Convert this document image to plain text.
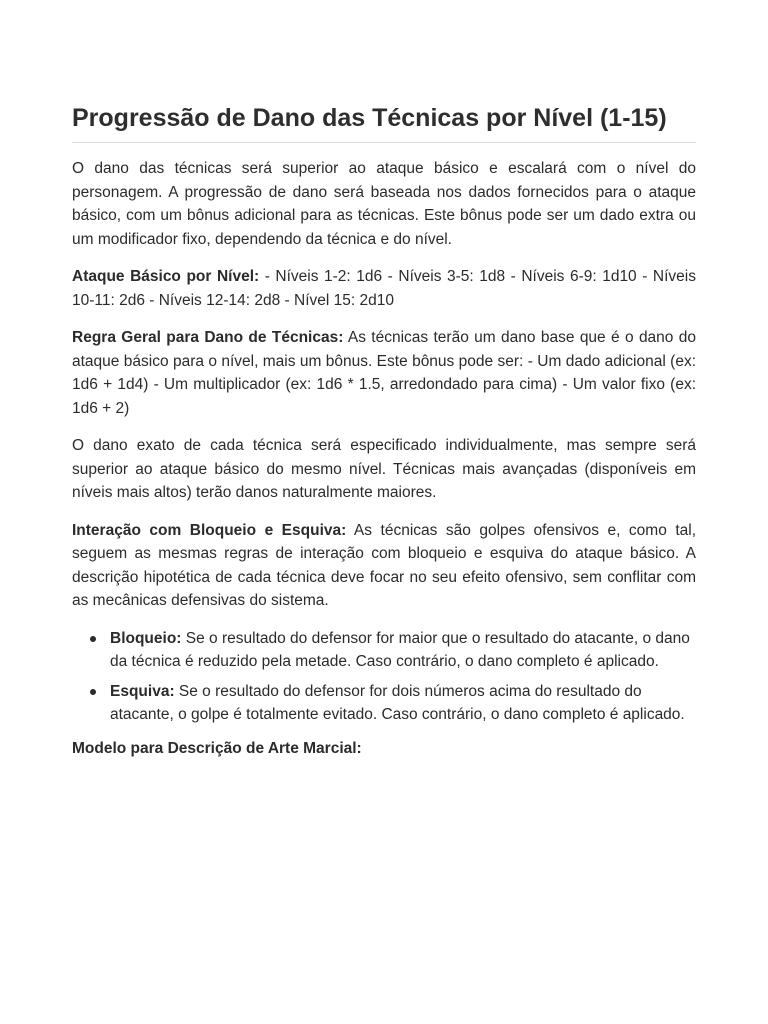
Progressão de Dano das Técnicas por Nível (1-15)

O dano das técnicas será superior ao ataque básico e escalará com o nível do personagem. A progressão de dano será baseada nos dados fornecidos para o ataque básico, com um bônus adicional para as técnicas. Este bônus pode ser um dado extra ou um modificador fixo, dependendo da técnica e do nível.

Ataque Básico por Nível: - Níveis 1-2: 1d6 - Níveis 3-5: 1d8 - Níveis 6-9: 1d10 - Níveis 10-11: 2d6 - Níveis 12-14: 2d8 - Nível 15: 2d10

Regra Geral para Dano de Técnicas: As técnicas terão um dano base que é o dano do ataque básico para o nível, mais um bônus. Este bônus pode ser: - Um dado adicional (ex: 1d6 + 1d4) - Um multiplicador (ex: 1d6 * 1.5, arredondado para cima) - Um valor fixo (ex: 1d6 + 2)

O dano exato de cada técnica será especificado individualmente, mas sempre será superior ao ataque básico do mesmo nível. Técnicas mais avançadas (disponíveis em níveis mais altos) terão danos naturalmente maiores.

Interação com Bloqueio e Esquiva: As técnicas são golpes ofensivos e, como tal, seguem as mesmas regras de interação com bloqueio e esquiva do ataque básico. A descrição hipotética de cada técnica deve focar no seu efeito ofensivo, sem conflitar com as mecânicas defensivas do sistema.

Bloqueio: Se o resultado do defensor for maior que o resultado do atacante, o dano da técnica é reduzido pela metade. Caso contrário, o dano completo é aplicado.
Esquiva: Se o resultado do defensor for dois números acima do resultado do atacante, o golpe é totalmente evitado. Caso contrário, o dano completo é aplicado.
Modelo para Descrição de Arte Marcial:
